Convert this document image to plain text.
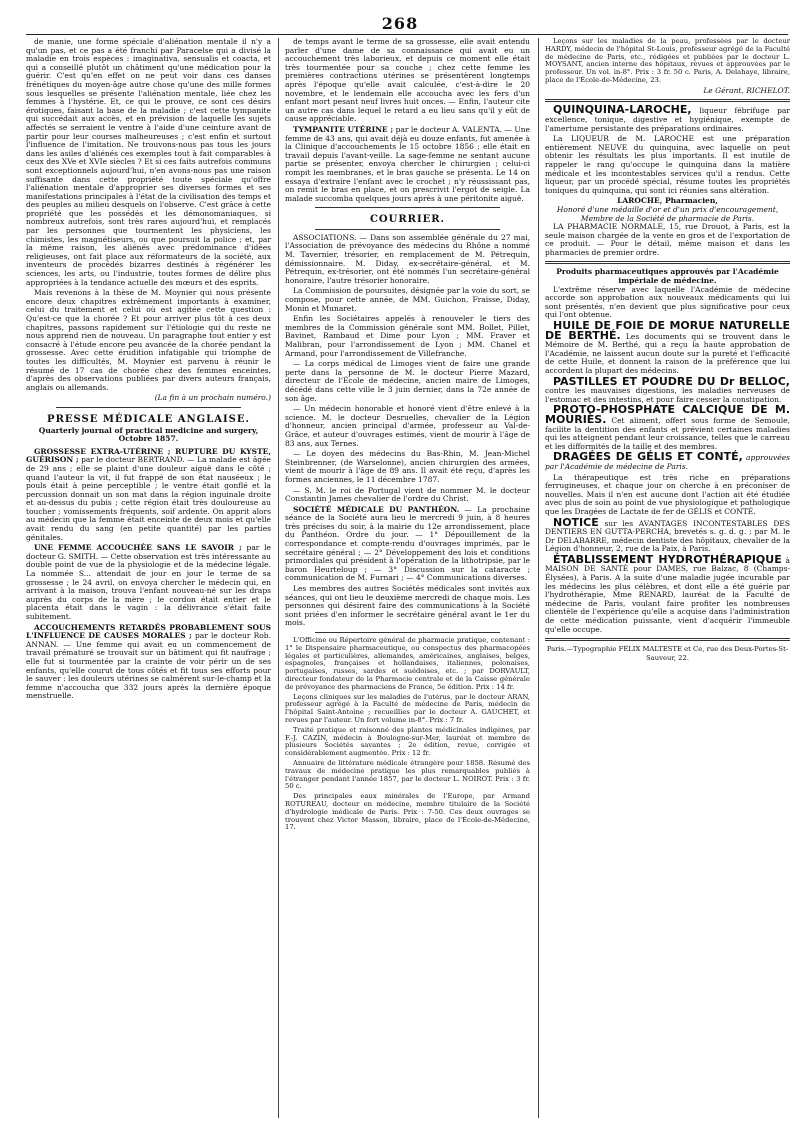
268

de manie, une forme spéciale d'aliénation mentale il n'y a qu'un pas, et ce pas a été franchi par Paracelse qui a divisé la maladie en trois espèces : imaginativa, sensualis et coacta, et qui a conseillé plutôt un châtiment qu'une médication pour la guérir. C'est qu'en effet on ne peut voir dans ces danses frénétiques du moyen-âge autre chose qu'une des mille formes sous lesquelles se présente l'aliénation mentale, liée chez les femmes à l'hystérie. Et, ce qui le prouve, ce sont ces désirs érotiques, faisant la base de la maladie ; c'est cette tympanite qui succédait aux accès, et en prévision de laquelle les sujets affectés se serraient le ventre à l'aide d'une ceinture avant de partir pour leur courses malheureuses ; c'est enfin et surtout l'influence de l'imitation. Ne trouvons-nous pas tous les jours dans les asiles d'aliénés ces exemples tout à fait comparables à ceux des XVe et XVIe siècles ? Et si ces faits autrefois communs sont exceptionnels aujourd'hui, n'en avons-nous pas une raison suffisante dans cette propriété toute spéciale qu'offre l'aliénation mentale d'approprier ses diverses formes et ses manifestations principales à l'état de la civilisation des temps et des peuples au milieu desquels on l'observe. C'est grâce à cette propriété que les possédés et les démonomaniaques, si nombreux autrefois, sont très rares aujourd'hui, et remplacés par les personnes que tourmentent les physiciens, les chimistes, les magnétiseurs, ou que poursuit la police ; et, par la même raison, les aliénés avec prédominance d'idées religieuses, ont fait place aux réformateurs de la société, aux inventeurs de procédés bizarres destinés à régénérer les sciences, les arts, ou l'industrie, toutes formes de délire plus appropriées à la tendance actuelle des mœurs et des esprits.

Mais revenons à la thèse de M. Moynier qui nous présente encore deux chapitres extrêmement importants à examiner, celui du traitement et celui où est agitée cette question : Qu'est-ce que la chorée ? Et pour arriver plus tôt à ces deux chapitres, passons rapidement sur l'étiologie qui du reste ne nous apprend rien de nouveau. Un paragraphe tout entier y est consacré à l'étude encore peu avancée de la chorée pendant la grossesse. Avec cette érudition infatigable qui triomphe de toutes les difficultés, M. Moynier est parvenu à réunir le résumé de 17 cas de chorée chez des femmes enceintes, d'après des observations publiées par divers auteurs français, anglais ou allemands.

(La fin à un prochain numéro.)

PRESSE MÉDICALE ANGLAISE.
Quarterly journal of practical medicine and surgery, Octobre 1857.

GROSSESSE EXTRA-UTÉRINE ; RUPTURE DU KYSTE, GUÉRISON ; par le docteur BERTRAND. — La malade est âgée de 29 ans ; elle se plaint d'une douleur aiguë dans le côté ; quand l'auteur la vit, il fut frappé de son état nauséeux ; le pouls était à peine perceptible ; le ventre était gonflé et la percussion donnait un son mat dans la région inguinale droite et au-dessus du pubis ; cette région était très douloureuse au toucher ; vomissements fréquents, soif ardente. On apprit alors au médecin que la femme était enceinte de deux mois et qu'elle avait rendu du sang (en petite quantité) par les parties génitales.

UNE FEMME ACCOUCHÉE SANS LE SAVOIR ; par le docteur G. SMITH. — Cette observation est très intéressante au double point de vue de la physiologie et de la médecine légale. La nommée S... attendait de jour en jour le terme de sa grossesse ; le 24 avril, on envoya chercher le médecin qui, en arrivant à la maison, trouva l'enfant nouveau-né sur les draps auprès du corps de la mère ; le cordon était entier et le placenta était dans le vagin : la délivrance s'était faite subitement.

ACCOUCHEMENTS RETARDÉS PROBABLEMENT SOUS L'INFLUENCE DE CAUSES MORALES ; par le docteur Rob. ANNAN. — Une femme qui avait eu un commencement de travail prématuré se trouvait sur un bâtiment qui fit naufrage ; elle fut si tourmentée par la crainte de voir périr un de ses enfants, qu'elle courut de tous côtés et fit tous ses efforts pour le sauver : les douleurs utérines se calmèrent sur-le-champ et la femme n'accoucha que 332 jours après la dernière époque menstruelle.

de temps avant le terme de sa grossesse, elle avait entendu parler d'une dame de sa connaissance qui avait eu un accouchement très laborieux, et depuis ce moment elle était très tourmentée pour sa couche ; chez cette femme les premières contractions utérines se présentèrent longtemps après l'époque qu'elle avait calculée, c'est-à-dire le 20 novembre, et le lendemain elle accoucha avec les fers d'un enfant mort pesant neuf livres huit onces. — Enfin, l'auteur cite un autre cas dans lequel le retard a eu lieu sans qu'il y eût de cause appréciable.

TYMPANITE UTÉRINE ; par le docteur A. VALENTA. — Une femme de 43 ans, qui avait déjà eu douze enfants, fut amenée à la Clinique d'accouchements le 15 octobre 1856 ; elle était en travail depuis l'avant-veille. La sage-femme ne sentant aucune partie se présenter, envoya chercher le chirurgien ; celui-ci rompit les membranes, et le bras gauche se présenta. Le 14 on essaya d'extraire l'enfant avec le crochet ; n'y réussissant pas, on remit le bras en place, et on prescrivit l'ergot de seigle. La malade succomba quelques jours après à une péritonite aiguë.

COURRIER.

ASSOCIATIONS. — Dans son assemblée générale du 27 mai, l'Association de prévoyance des médecins du Rhône a nommé M. Tavernier, trésorier, en remplacement de M. Pétrequin, démissionnaire. M. Diday, ex-secrétaire-général, et M. Pétrequin, ex-trésorier, ont été nommés l'un secrétaire-général honoraire, l'autre trésorier honoraire.

La Commission de poursuites, désignée par la voie du sort, se compose, pour cette année, de MM. Guichon, Fraisse, Diday, Monin et Munaret.

Enfin les Sociétaires appelés à renouveler le tiers des membres de la Commission générale sont MM. Bollet, Pillet, Bavinet, Rambaud et Dime pour Lyon ; MM. Fraver et Malibran, pour l'arrondissement de Lyon ; MM. Chanel et Armand, pour l'arrondissement de Villefranche.

— La corps médical de Limoges vient de faire une grande perte dans la personne de M. le docteur Pierre Mazard, directeur de l'École de médecine, ancien maire de Limoges, décédé dans cette ville le 3 juin dernier, dans la 72e année de son âge.

— Un médecin honorable et honoré vient d'être enlevé à la science. M. le docteur Desruelles, chevalier de la Légion d'honneur, ancien principal d'armée, professeur au Val-de-Grâce, et auteur d'ouvrages estimés, vient de mourir à l'âge de 83 ans, aux Ternes.

— Le doyen des médecins du Bas-Rhin, M. Jean-Michel Steinbrenner, (de Warselonne), ancien chirurgien des armées, vient de mourir à l'âge de 89 ans. Il avait été reçu, d'après les formes anciennes, le 11 décembre 1787.

— S. M. le roi de Portugal vient de nommer M. le docteur Constantin James chevalier de l'ordre du Christ.

SOCIÉTÉ MÉDICALE DU PANTHÉON. — La prochaine séance de la Société aura lieu le mercredi 9 juin, à 8 heures très précises du soir, à la mairie du 12e arrondissement, place du Panthéon. Ordre du jour. — 1° Dépouillement de la correspondance et compte-rendu d'ouvrages imprimés, par le secrétaire général ; — 2° Développement des lois et conditions primordiales qui président à l'opération de la lithotripsie, par le baron Heurteloup ; — 3° Discussion sur la cataracte ; communication de M. Furnari ; — 4° Communications diverses.

Les membres des autres Sociétés médicales sont invités aux séances, qui ont lieu le deuxième mercredi de chaque mois. Les personnes qui désirent faire des communications à la Société sont priées d'en informer le secrétaire général avant le 1er du mois.

L'Officine ou Répertoire général de pharmacie pratique, contenant : 1° le Dispensaire pharmaceutique, ou conspectus des pharmacopées légales et particulières, allemandes, américaines, anglaises, belges, espagnoles, françaises et hollandaises, italiennes, polonaises, portugaises, russes, sardes et suédoises, etc. ; par DORVAULT, directeur fondateur de la Pharmacie centrale et de la Caisse générale de prévoyance des pharmaciens de France, 5e édition. Prix : 14 fr.

Leçons cliniques sur les maladies de l'utérus, par le docteur ARAN, professeur agrégé à la Faculté de médecine de Paris, médecin de l'hôpital Saint-Antoine ; recueillies par le docteur A. GAUCHET, et revues par l'auteur. Un fort volume in-8°. Prix : 7 fr.

Traité pratique et raisonné des plantes médicinales indigènes, par F.-J. CAZIN, médecin à Boulogne-sur-Mer, lauréat et membre de plusieurs Sociétés savantes ; 2e édition, revue, corrigée et considérablement augmentée. Prix : 12 fr.

Annuaire de littérature médicale étrangère pour 1858. Résumé des travaux de médecine pratique les plus remarquables publiés à l'étranger pendant l'année 1857, par le docteur L. NOIROT. Prix : 3 fr. 50 c.

Des principales eaux minérales de l'Europe, par Armand ROTUREAU, docteur en médecine, membre titulaire de la Société d'hydrologie médicale de Paris. Prix : 7-50. Ces deux ouvrages se trouvent chez Victor Masson, libraire, place de l'École-de-Médecine, 17.

Leçons sur les maladies de la peau, professées par le docteur HARDY, médecin de l'hôpital St-Louis, professeur agrégé de la Faculté de médecine de Paris, etc., rédigées et publiées par le docteur L. MOYSANT, ancien interne des hôpitaux, revues et approuvées par le professeur. Un vol. in-8°. Prix : 3 fr. 50 c. Paris, A. Delahaye, libraire, place de l'École-de-Médecine, 23.

Le Gérant, RICHELOT.

QUINQUINA-LAROCHE, liqueur fébrifuge par excellence, tonique, digestive et hygiénique, exempte de l'amertume persistante des préparations ordinaires.

La LIQUEUR de M. LAROCHE est une préparation entièrement NEUVE du quinquina, avec laquelle on peut obtenir les résultats les plus importants. Il est inutile de rappeler le rang qu'occupe le quinquina dans la matière médicale et les incontestables services qu'il a rendus. Cette liqueur, par un procédé spécial, résume toutes les propriétés toniques du quinquina, qui sont ici réunies sans altération.

LAROCHE, Pharmacien,
Honoré d'une médaille d'or et d'un prix d'encouragement, Membre de la Société de pharmacie de Paris.

LA PHARMACIE NORMALE, 15, rue Drouot, à Paris, est la seule maison chargée de la vente en gros et de l'exportation de ce produit. — Pour le détail, même maison et dans les pharmacies de premier ordre.

Produits pharmaceutiques approuvés par l'Académie impériale de médecine.

L'extrême réserve avec laquelle l'Académie de médecine accorde son approbation aux nouveaux médicaments qui lui sont présentés, n'en devient que plus significative pour ceux qui l'ont obtenue.

HUILE DE FOIE DE MORUE NATURELLE DE BERTHÉ. Les documents qui se trouvent dans le Mémoire de M. Berthé, qui a reçu la haute approbation de l'Académie, ne laissent aucun doute sur la pureté et l'efficacité de cette Huile, et donnent la raison de la préférence que lui accordent la plupart des médecins.

PASTILLES ET POUDRE DU Dr BELLOC, contre les mauvaises digestions, les maladies nerveuses de l'estomac et des intestins, et pour faire cesser la constipation.

PROTO-PHOSPHATE CALCIQUE DE M. MOURIÈS. Cet aliment, offert sous forme de Semoule, facilite la dentition des enfants et prévient certaines maladies qui les atteignent pendant leur croissance, telles que le carreau et les difformités de la taille et des membres.

DRAGÉES DE GÉLIS ET CONTÉ, approuvées par l'Académie de médecine de Paris.

La thérapeutique est très riche en préparations ferrugineuses, et chaque jour on cherche à en préconiser de nouvelles. Mais il n'en est aucune dont l'action ait été étudiée avec plus de soin au point de vue physiologique et pathologique que les Dragées de Lactate de fer de GÉLIS et CONTÉ.

NOTICE sur les AVANTAGES INCONTESTABLES DES DENTIERS EN GUTTA-PERCHA, brevetés s. g. d. g. ; par M. le Dr DELABARRE, médecin dentiste des hôpitaux, chevalier de la Légion d'honneur, 2, rue de la Paix, à Paris.

ÉTABLISSEMENT HYDROTHÉRAPIQUE à MAISON DE SANTÉ pour DAMES, rue Balzac, 8 (Champs-Élysées), à Paris. A la suite d'une maladie jugée incurable par les médecins les plus célèbres, et dont elle a été guérie par l'hydrothérapie, Mme RENARD, lauréat de la Faculté de médecine de Paris, voulant faire profiter les nombreuses clientèle de l'expérience qu'elle a acquise dans l'administration de cette médication puissante, vient d'acquérir l'immeuble qu'elle occupe.

Paris.—Typographie FÉLIX MALTESTE et Ce, rue des Deux-Portes-St-Sauveur, 22.
